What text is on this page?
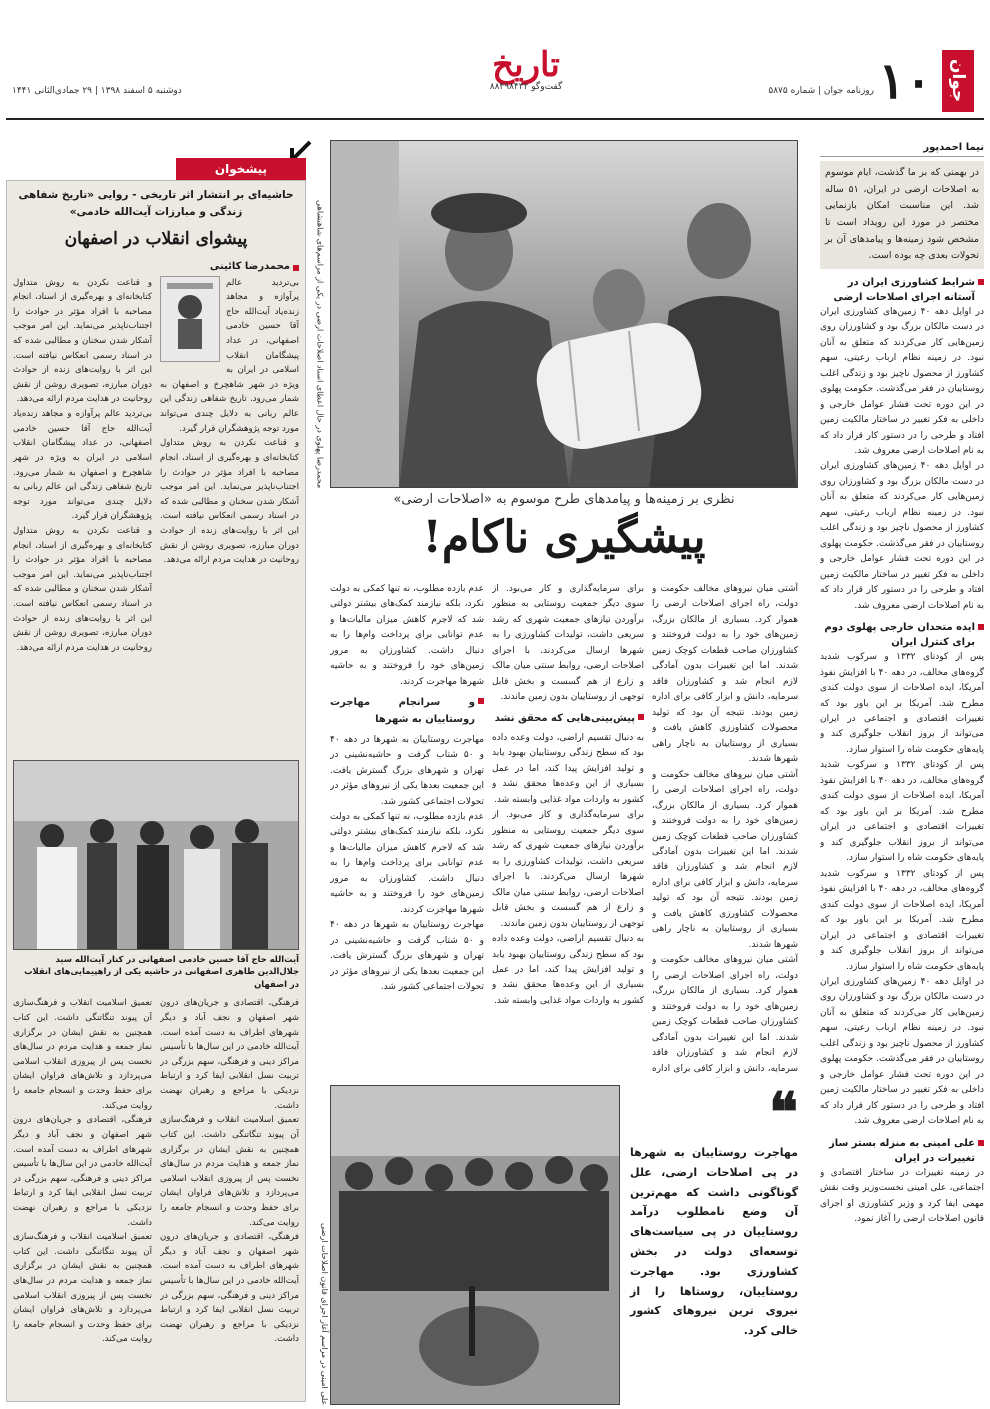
جوان
۱۰
روزنامه جوان | شماره ۵۸۷۵
تاریخ
گفت‌وگو ۸۸۴۹۸۴۳۲
دوشنبه ۵ اسفند ۱۳۹۸ | ۲۹ جمادی‌الثانی ۱۴۴۱
نیما احمدپور
در بهمنی که بر ما گذشت، ایام موسوم به اصلاحات ارضی در ایران، ۵۱ ساله شد. این مناسبت امکان بازنمایی مختصر در مورد این رویداد است تا مشخص شود زمینه‌ها و پیامدهای آن بر تحولات بعدی چه بوده است.
شرایط کشاورزی ایران در آستانه اجرای اصلاحات ارضی
در اوایل دهه ۴۰ زمین‌های کشاورزی ایران در دست مالکان بزرگ بود و کشاورزان روی زمین‌هایی کار می‌کردند که متعلق به آنان نبود. در زمینه نظام ارباب رعیتی، سهم کشاورز از محصول ناچیز بود و زندگی اغلب روستاییان در فقر می‌گذشت. حکومت پهلوی در این دوره تحت فشار عوامل خارجی و داخلی به فکر تغییر در ساختار مالکیت زمین افتاد و طرحی را در دستور کار قرار داد که به نام اصلاحات ارضی معروف شد.
در اوایل دهه ۴۰ زمین‌های کشاورزی ایران در دست مالکان بزرگ بود و کشاورزان روی زمین‌هایی کار می‌کردند که متعلق به آنان نبود. در زمینه نظام ارباب رعیتی، سهم کشاورز از محصول ناچیز بود و زندگی اغلب روستاییان در فقر می‌گذشت. حکومت پهلوی در این دوره تحت فشار عوامل خارجی و داخلی به فکر تغییر در ساختار مالکیت زمین افتاد و طرحی را در دستور کار قرار داد که به نام اصلاحات ارضی معروف شد.
ایده متحدان خارجی پهلوی دوم برای کنترل ایران
پس از کودتای ۱۳۳۲ و سرکوب شدید گروه‌های مخالف، در دهه ۴۰ با افزایش نفوذ آمریکا، ایده اصلاحات از سوی دولت کندی مطرح شد. آمریکا بر این باور بود که تغییرات اقتصادی و اجتماعی در ایران می‌تواند از بروز انقلاب جلوگیری کند و پایه‌های حکومت شاه را استوار سازد.
پس از کودتای ۱۳۳۲ و سرکوب شدید گروه‌های مخالف، در دهه ۴۰ با افزایش نفوذ آمریکا، ایده اصلاحات از سوی دولت کندی مطرح شد. آمریکا بر این باور بود که تغییرات اقتصادی و اجتماعی در ایران می‌تواند از بروز انقلاب جلوگیری کند و پایه‌های حکومت شاه را استوار سازد.
پس از کودتای ۱۳۳۲ و سرکوب شدید گروه‌های مخالف، در دهه ۴۰ با افزایش نفوذ آمریکا، ایده اصلاحات از سوی دولت کندی مطرح شد. آمریکا بر این باور بود که تغییرات اقتصادی و اجتماعی در ایران می‌تواند از بروز انقلاب جلوگیری کند و پایه‌های حکومت شاه را استوار سازد.
در اوایل دهه ۴۰ زمین‌های کشاورزی ایران در دست مالکان بزرگ بود و کشاورزان روی زمین‌هایی کار می‌کردند که متعلق به آنان نبود. در زمینه نظام ارباب رعیتی، سهم کشاورز از محصول ناچیز بود و زندگی اغلب روستاییان در فقر می‌گذشت. حکومت پهلوی در این دوره تحت فشار عوامل خارجی و داخلی به فکر تغییر در ساختار مالکیت زمین افتاد و طرحی را در دستور کار قرار داد که به نام اصلاحات ارضی معروف شد.
علی امینی به منزله بستر ساز تغییرات در ایران
در زمینه تغییرات در ساختار اقتصادی و اجتماعی، علی امینی نخست‌وزیر وقت نقش مهمی ایفا کرد و وزیر کشاورزی او اجرای قانون اصلاحات ارضی را آغاز نمود.
محمدرضا پهلوی در حال اعطای اسناد اصلاحات ارضی در یکی از مراسم‌های شاهنشاهی
نظری بر زمینه‌ها و پیامدهای طرح موسوم به «اصلاحات ارضی»
پیشگیری ناکام!
آشتی میان نیروهای مخالف حکومت و دولت، راه اجرای اصلاحات ارضی را هموار کرد. بسیاری از مالکان بزرگ، زمین‌های خود را به دولت فروختند و کشاورزان صاحب قطعات کوچک زمین شدند. اما این تغییرات بدون آمادگی لازم انجام شد و کشاورزان فاقد سرمایه، دانش و ابزار کافی برای اداره زمین بودند. نتیجه آن بود که تولید محصولات کشاورزی کاهش یافت و بسیاری از روستاییان به ناچار راهی شهرها شدند.
آشتی میان نیروهای مخالف حکومت و دولت، راه اجرای اصلاحات ارضی را هموار کرد. بسیاری از مالکان بزرگ، زمین‌های خود را به دولت فروختند و کشاورزان صاحب قطعات کوچک زمین شدند. اما این تغییرات بدون آمادگی لازم انجام شد و کشاورزان فاقد سرمایه، دانش و ابزار کافی برای اداره زمین بودند. نتیجه آن بود که تولید محصولات کشاورزی کاهش یافت و بسیاری از روستاییان به ناچار راهی شهرها شدند.
آشتی میان نیروهای مخالف حکومت و دولت، راه اجرای اصلاحات ارضی را هموار کرد. بسیاری از مالکان بزرگ، زمین‌های خود را به دولت فروختند و کشاورزان صاحب قطعات کوچک زمین شدند. اما این تغییرات بدون آمادگی لازم انجام شد و کشاورزان فاقد سرمایه، دانش و ابزار کافی برای اداره
برای سرمایه‌گذاری و کار می‌بود. از سوی دیگر جمعیت روستایی به منظور برآوردن نیازهای جمعیت شهری که رشد سریعی داشت، تولیدات کشاورزی را به شهرها ارسال می‌کردند. با اجرای اصلاحات ارضی، روابط سنتی میان مالک و زارع از هم گسست و بخش قابل توجهی از روستاییان بدون زمین ماندند.
پیش‌بینی‌هایی که محقق نشد
به دنبال تقسیم اراضی، دولت وعده داده بود که سطح زندگی روستاییان بهبود یابد و تولید افزایش پیدا کند، اما در عمل بسیاری از این وعده‌ها محقق نشد و کشور به واردات مواد غذایی وابسته شد.
برای سرمایه‌گذاری و کار می‌بود. از سوی دیگر جمعیت روستایی به منظور برآوردن نیازهای جمعیت شهری که رشد سریعی داشت، تولیدات کشاورزی را به شهرها ارسال می‌کردند. با اجرای اصلاحات ارضی، روابط سنتی میان مالک و زارع از هم گسست و بخش قابل توجهی از روستاییان بدون زمین ماندند.
به دنبال تقسیم اراضی، دولت وعده داده بود که سطح زندگی روستاییان بهبود یابد و تولید افزایش پیدا کند، اما در عمل بسیاری از این وعده‌ها محقق نشد و کشور به واردات مواد غذایی وابسته شد.
عدم بازده مطلوب، نه تنها کمکی به دولت نکرد، بلکه نیازمند کمک‌های بیشتر دولتی شد که لاجرم کاهش میزان مالیات‌ها و عدم توانایی برای پرداخت وام‌ها را به دنبال داشت. کشاورزان به مرور زمین‌های خود را فروختند و به حاشیه شهرها مهاجرت کردند.
و سرانجام مهاجرت روستاییان به شهرها
مهاجرت روستاییان به شهرها در دهه ۴۰ و ۵۰ شتاب گرفت و حاشیه‌نشینی در تهران و شهرهای بزرگ گسترش یافت. این جمعیت بعدها یکی از نیروهای مؤثر در تحولات اجتماعی کشور شد.
عدم بازده مطلوب، نه تنها کمکی به دولت نکرد، بلکه نیازمند کمک‌های بیشتر دولتی شد که لاجرم کاهش میزان مالیات‌ها و عدم توانایی برای پرداخت وام‌ها را به دنبال داشت. کشاورزان به مرور زمین‌های خود را فروختند و به حاشیه شهرها مهاجرت کردند.
مهاجرت روستاییان به شهرها در دهه ۴۰ و ۵۰ شتاب گرفت و حاشیه‌نشینی در تهران و شهرهای بزرگ گسترش یافت. این جمعیت بعدها یکی از نیروهای مؤثر در تحولات اجتماعی کشور شد.
علی امینی در مراسم آغاز اجرای قانون اصلاحات ارضی
❝
مهاجرت روستاییان به شهرها در پی اصلاحات ارضی، علل گوناگونی داشت که مهم‌ترین آن وضع نامطلوب درآمد روستاییان در پی سیاست‌های توسعه‌ای دولت در بخش کشاورزی بود. مهاجرت روستاییان، روستاها را از نیروی ترین نیروهای کشور خالی کرد.
پیشخوان
حاشیه‌ای بر انتشار اثر تاریخی - روایی «تاریخ شفاهی زندگی و مبارزات آیت‌الله خادمی»
پیشوای انقلاب در اصفهان
محمدرضا کائینی
بی‌تردید عالم پرآوازه و مجاهد زنده‌یاد آیت‌الله حاج آقا حسین خادمی اصفهانی، در عداد پیشگامان انقلاب اسلامی در ایران به ویژه در شهر شاهچرخ و اصفهان به شمار می‌رود. تاریخ شفاهی زندگی این عالم ربانی به دلایل چندی می‌تواند مورد توجه پژوهشگران قرار گیرد.
و قناعت نکردن به روش متداول کتابخانه‌ای و بهره‌گیری از اسناد، انجام مصاحبه با افراد مؤثر در حوادث را اجتناب‌ناپذیر می‌نماید. این امر موجب آشکار شدن سخنان و مطالبی شده که در اسناد رسمی انعکاس نیافته است. این اثر با روایت‌های زنده از حوادث دوران مبارزه، تصویری روشن از نقش روحانیت در هدایت مردم ارائه می‌دهد.
و قناعت نکردن به روش متداول کتابخانه‌ای و بهره‌گیری از اسناد، انجام مصاحبه با افراد مؤثر در حوادث را اجتناب‌ناپذیر می‌نماید. این امر موجب آشکار شدن سخنان و مطالبی شده که در اسناد رسمی انعکاس نیافته است. این اثر با روایت‌های زنده از حوادث دوران مبارزه، تصویری روشن از نقش روحانیت در هدایت مردم ارائه می‌دهد.
بی‌تردید عالم پرآوازه و مجاهد زنده‌یاد آیت‌الله حاج آقا حسین خادمی اصفهانی، در عداد پیشگامان انقلاب اسلامی در ایران به ویژه در شهر شاهچرخ و اصفهان به شمار می‌رود. تاریخ شفاهی زندگی این عالم ربانی به دلایل چندی می‌تواند مورد توجه پژوهشگران قرار گیرد.
و قناعت نکردن به روش متداول کتابخانه‌ای و بهره‌گیری از اسناد، انجام مصاحبه با افراد مؤثر در حوادث را اجتناب‌ناپذیر می‌نماید. این امر موجب آشکار شدن سخنان و مطالبی شده که در اسناد رسمی انعکاس نیافته است. این اثر با روایت‌های زنده از حوادث دوران مبارزه، تصویری روشن از نقش روحانیت در هدایت مردم ارائه می‌دهد.
آیت‌الله حاج آقا حسین خادمی اصفهانی در کنار آیت‌الله سید جلال‌الدین طاهری اصفهانی در حاشیه یکی از راهپیمایی‌های انقلاب در اصفهان
فرهنگی، اقتصادی و جریان‌های درون شهر اصفهان و نجف آباد و دیگر شهرهای اطراف به دست آمده است. آیت‌الله خادمی در این سال‌ها با تأسیس مراکز دینی و فرهنگی، سهم بزرگی در تربیت نسل انقلابی ایفا کرد و ارتباط نزدیکی با مراجع و رهبران نهضت داشت.
تعمیق اسلامیت انقلاب و فرهنگ‌سازی آن پیوند تنگاتنگی داشت. این کتاب همچنین به نقش ایشان در برگزاری نماز جمعه و هدایت مردم در سال‌های نخست پس از پیروزی انقلاب اسلامی می‌پردازد و تلاش‌های فراوان ایشان برای حفظ وحدت و انسجام جامعه را روایت می‌کند.
فرهنگی، اقتصادی و جریان‌های درون شهر اصفهان و نجف آباد و دیگر شهرهای اطراف به دست آمده است. آیت‌الله خادمی در این سال‌ها با تأسیس مراکز دینی و فرهنگی، سهم بزرگی در تربیت نسل انقلابی ایفا کرد و ارتباط نزدیکی با مراجع و رهبران نهضت داشت.
تعمیق اسلامیت انقلاب و فرهنگ‌سازی آن پیوند تنگاتنگی داشت. این کتاب همچنین به نقش ایشان در برگزاری نماز جمعه و هدایت مردم در سال‌های نخست پس از پیروزی انقلاب اسلامی می‌پردازد و تلاش‌های فراوان ایشان برای حفظ وحدت و انسجام جامعه را روایت می‌کند.
فرهنگی، اقتصادی و جریان‌های درون شهر اصفهان و نجف آباد و دیگر شهرهای اطراف به دست آمده است. آیت‌الله خادمی در این سال‌ها با تأسیس مراکز دینی و فرهنگی، سهم بزرگی در تربیت نسل انقلابی ایفا کرد و ارتباط نزدیکی با مراجع و رهبران نهضت داشت.
تعمیق اسلامیت انقلاب و فرهنگ‌سازی آن پیوند تنگاتنگی داشت. این کتاب همچنین به نقش ایشان در برگزاری نماز جمعه و هدایت مردم در سال‌های نخست پس از پیروزی انقلاب اسلامی می‌پردازد و تلاش‌های فراوان ایشان برای حفظ وحدت و انسجام جامعه را روایت می‌کند.
